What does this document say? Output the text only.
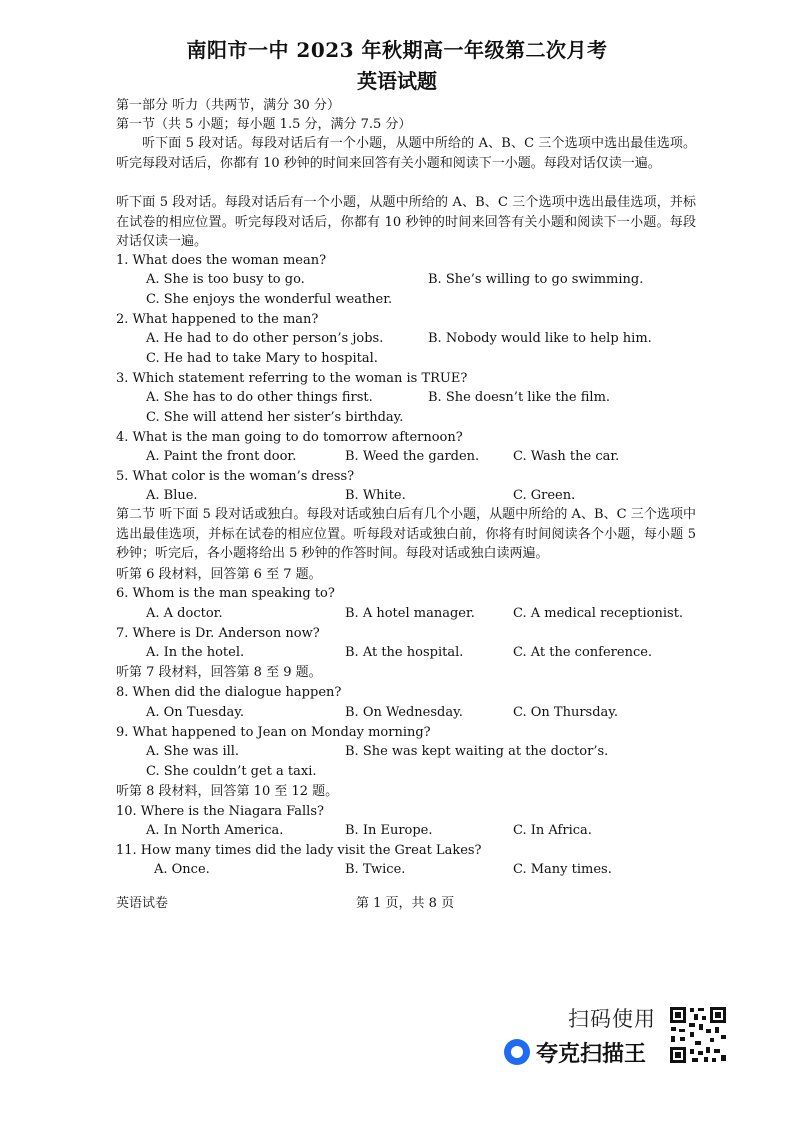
南阳市一中 2023 年秋期高一年级第二次月考
英语试题
第一部分 听力（共两节，满分 30 分）
第一节（共 5 小题；每小题 1.5 分，满分 7.5 分）
听下面 5 段对话。每段对话后有一个小题，从题中所给的 A、B、C 三个选项中选出最佳选项。听完每段对话后，你都有 10 秒钟的时间来回答有关小题和阅读下一小题。每段对话仅读一遍。
听下面 5 段对话。每段对话后有一个小题，从题中所给的 A、B、C 三个选项中选出最佳选项，并标在试卷的相应位置。听完每段对话后，你都有 10 秒钟的时间来回答有关小题和阅读下一小题。每段对话仅读一遍。
1. What does the woman mean?
A. She is too busy to go.	B. She’s willing to go swimming.
C. She enjoys the wonderful weather.
2. What happened to the man?
A. He had to do other person’s jobs.	B. Nobody would like to help him.
C. He had to take Mary to hospital.
3. Which statement referring to the woman is TRUE?
A. She has to do other things first.	B. She doesn’t like the film.
C. She will attend her sister’s birthday.
4. What is the man going to do tomorrow afternoon?
A. Paint the front door.	B. Weed the garden.	C. Wash the car.
5. What color is the woman’s dress?
A. Blue.	B. White.	C. Green.
第二节 听下面 5 段对话或独白。每段对话或独白后有几个小题，从题中所给的 A、B、C 三个选项中选出最佳选项，并标在试卷的相应位置。听每段对话或独白前，你将有时间阅读各个小题，每小题 5 秒钟；听完后，各小题将给出 5 秒钟的作答时间。每段对话或独白读两遍。
听第 6 段材料，回答第 6 至 7 题。
6. Whom is the man speaking to?
A. A doctor.	B. A hotel manager.	C. A medical receptionist.
7. Where is Dr. Anderson now?
A. In the hotel.	B. At the hospital.	C. At the conference.
听第 7 段材料，回答第 8 至 9 题。
8. When did the dialogue happen?
A. On Tuesday.	B. On Wednesday.	C. On Thursday.
9. What happened to Jean on Monday morning?
A. She was ill.	B. She was kept waiting at the doctor’s.
C. She couldn’t get a taxi.
听第 8 段材料，回答第 10 至 12 题。
10. Where is the Niagara Falls?
A. In North America.	B. In Europe.	C. In Africa.
11. How many times did the lady visit the Great Lakes?
A. Once.	B. Twice.	C. Many times.
英语试卷	第 1 页，共 8 页
扫码使用
夸克扫描王
